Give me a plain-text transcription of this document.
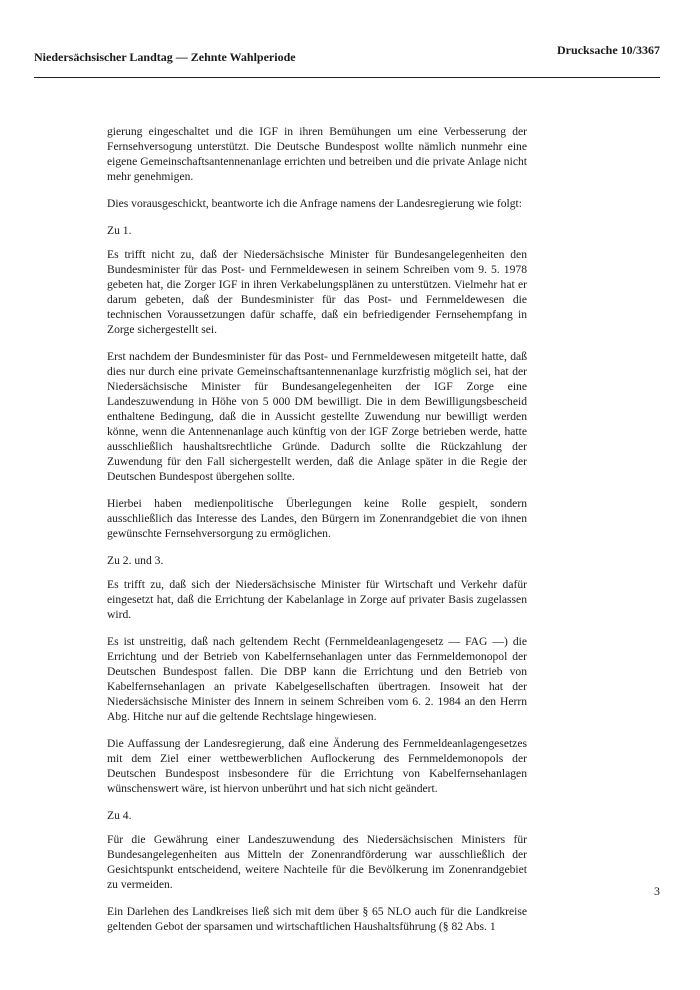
Niedersächsischer Landtag — Zehnte Wahlperiode	Drucksache 10/3367

gierung eingeschaltet und die IGF in ihren Bemühungen um eine Verbesserung der Fernsehversogung unterstützt. Die Deutsche Bundespost wollte nämlich nunmehr eine eigene Gemeinschaftsantennenanlage errichten und betreiben und die private Anlage nicht mehr genehmigen.

Dies vorausgeschickt, beantworte ich die Anfrage namens der Landesregierung wie folgt:

Zu 1.

Es trifft nicht zu, daß der Niedersächsische Minister für Bundesangelegenheiten den Bundesminister für das Post- und Fernmeldewesen in seinem Schreiben vom 9. 5. 1978 gebeten hat, die Zorger IGF in ihren Verkabelungsplänen zu unterstützen. Vielmehr hat er darum gebeten, daß der Bundesminister für das Post- und Fernmeldewesen die technischen Voraussetzungen dafür schaffe, daß ein befriedigender Fernsehempfang in Zorge sichergestellt sei.

Erst nachdem der Bundesminister für das Post- und Fernmeldewesen mitgeteilt hatte, daß dies nur durch eine private Gemeinschaftsantennenanlage kurzfristig möglich sei, hat der Niedersächsische Minister für Bundesangelegenheiten der IGF Zorge eine Landeszuwendung in Höhe von 5 000 DM bewilligt. Die in dem Bewilligungsbescheid enthaltene Bedingung, daß die in Aussicht gestellte Zuwendung nur bewilligt werden könne, wenn die Antennenanlage auch künftig von der IGF Zorge betrieben werde, hatte ausschließlich haushaltsrechtliche Gründe. Dadurch sollte die Rückzahlung der Zuwendung für den Fall sichergestellt werden, daß die Anlage später in die Regie der Deutschen Bundespost übergehen sollte.

Hierbei haben medienpolitische Überlegungen keine Rolle gespielt, sondern ausschließlich das Interesse des Landes, den Bürgern im Zonenrandgebiet die von ihnen gewünschte Fernsehversorgung zu ermöglichen.

Zu 2. und 3.

Es trifft zu, daß sich der Niedersächsische Minister für Wirtschaft und Verkehr dafür eingesetzt hat, daß die Errichtung der Kabelanlage in Zorge auf privater Basis zugelassen wird.

Es ist unstreitig, daß nach geltendem Recht (Fernmeldeanlagengesetz — FAG —) die Errichtung und der Betrieb von Kabelfernsehanlagen unter das Fernmeldemonopol der Deutschen Bundespost fallen. Die DBP kann die Errichtung und den Betrieb von Kabelfernsehanlagen an private Kabelgesellschaften übertragen. Insoweit hat der Niedersächsische Minister des Innern in seinem Schreiben vom 6. 2. 1984 an den Herrn Abg. Hitche nur auf die geltende Rechtslage hingewiesen.

Die Auffassung der Landesregierung, daß eine Änderung des Fernmeldeanlagengesetzes mit dem Ziel einer wettbewerblichen Auflockerung des Fernmeldemonopols der Deutschen Bundespost insbesondere für die Errichtung von Kabelfernsehanlagen wünschenswert wäre, ist hiervon unberührt und hat sich nicht geändert.

Zu 4.

Für die Gewährung einer Landeszuwendung des Niedersächsischen Ministers für Bundesangelegenheiten aus Mitteln der Zonenrandförderung war ausschließlich der Gesichtspunkt entscheidend, weitere Nachteile für die Bevölkerung im Zonenrandgebiet zu vermeiden.

Ein Darlehen des Landkreises ließ sich mit dem über § 65 NLO auch für die Landkreise geltenden Gebot der sparsamen und wirtschaftlichen Haushaltsführung (§ 82 Abs. 1

3
